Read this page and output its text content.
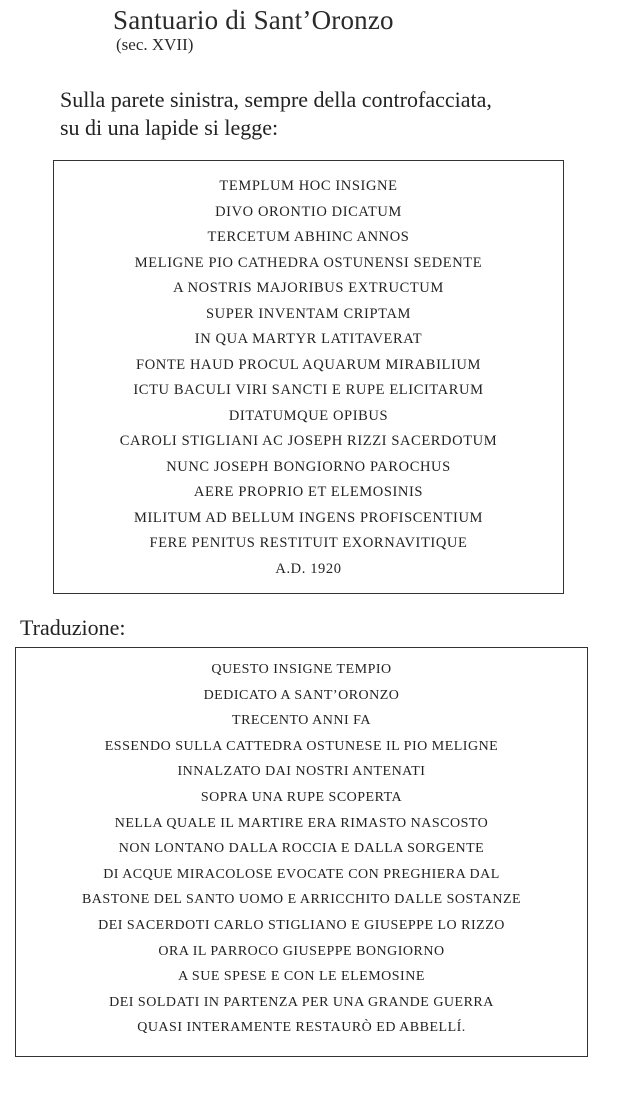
Santuario di Sant’Oronzo
(sec. XVII)
Sulla parete sinistra, sempre della controfacciata,
su di una lapide si legge:
TEMPLUM HOC INSIGNE
DIVO ORONTIO DICATUM
TERCETUM ABHINC ANNOS
MELIGNE PIO CATHEDRA OSTUNENSI SEDENTE
A NOSTRIS MAJORIBUS EXTRUCTUM
SUPER INVENTAM CRIPTAM
IN QUA MARTYR LATITAVERAT
FONTE HAUD PROCUL AQUARUM MIRABILIUM
ICTU BACULI VIRI SANCTI E RUPE ELICITARUM
DITATUMQUE OPIBUS
CAROLI STIGLIANI AC JOSEPH RIZZI SACERDOTUM
NUNC JOSEPH BONGIORNO PAROCHUS
AERE PROPRIO ET ELEMOSINIS
MILITUM AD BELLUM INGENS PROFISCENTIUM
FERE PENITUS RESTITUIT EXORNAVITIQUE
A.D. 1920
Traduzione:
QUESTO INSIGNE TEMPIO
DEDICATO A SANT’ORONZO
TRECENTO ANNI FA
ESSENDO SULLA CATTEDRA OSTUNESE IL PIO MELIGNE
INNALZATO DAI NOSTRI ANTENATI
SOPRA UNA RUPE SCOPERTA
NELLA QUALE IL MARTIRE ERA RIMASTO NASCOSTO
NON LONTANO DALLA ROCCIA E DALLA SORGENTE
DI ACQUE MIRACOLOSE EVOCATE CON PREGHIERA DAL
BASTONE DEL SANTO UOMO E ARRICCHITO DALLE SOSTANZE
DEI SACERDOTI CARLO STIGLIANO E GIUSEPPE LO RIZZO
ORA IL PARROCO GIUSEPPE BONGIORNO
A SUE SPESE E CON LE ELEMOSINE
DEI SOLDATI IN PARTENZA PER UNA GRANDE GUERRA
QUASI INTERAMENTE RESTAURÒ ED ABBELLÍ.
